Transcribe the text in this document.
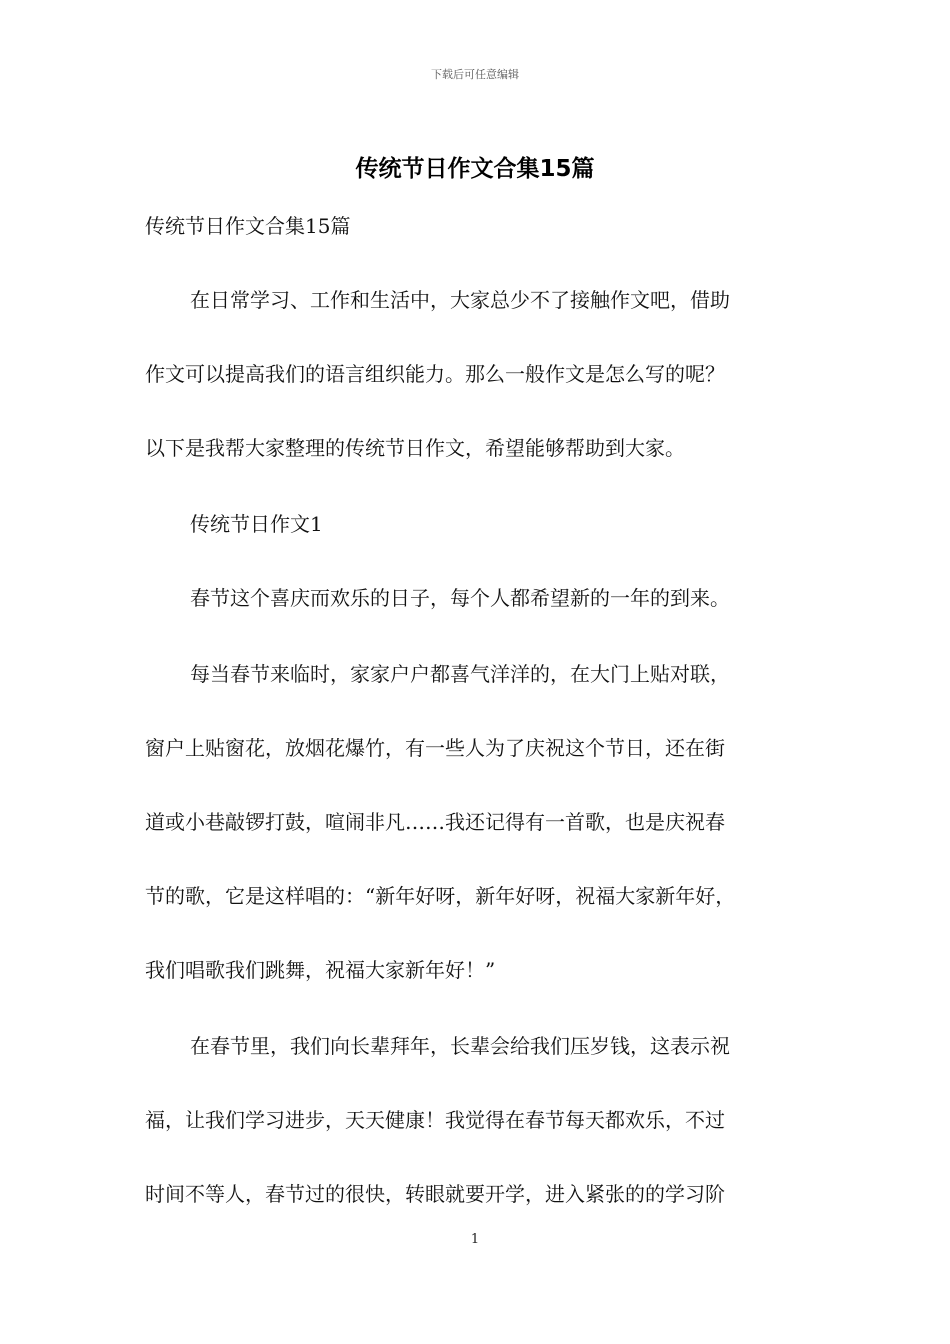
下载后可任意编辑
传统节日作文合集15篇
传统节日作文合集15篇
在日常学习、工作和生活中，大家总少不了接触作文吧，借助
作文可以提高我们的语言组织能力。那么一般作文是怎么写的呢？
以下是我帮大家整理的传统节日作文，希望能够帮助到大家。
传统节日作文1
春节这个喜庆而欢乐的日子，每个人都希望新的一年的到来。
每当春节来临时，家家户户都喜气洋洋的，在大门上贴对联，
窗户上贴窗花，放烟花爆竹，有一些人为了庆祝这个节日，还在街
道或小巷敲锣打鼓，喧闹非凡……我还记得有一首歌，也是庆祝春
节的歌，它是这样唱的：“新年好呀，新年好呀，祝福大家新年好，
我们唱歌我们跳舞，祝福大家新年好！”
在春节里，我们向长辈拜年，长辈会给我们压岁钱，这表示祝
福，让我们学习进步，天天健康！我觉得在春节每天都欢乐，不过
时间不等人，春节过的很快，转眼就要开学，进入紧张的的学习阶
1
